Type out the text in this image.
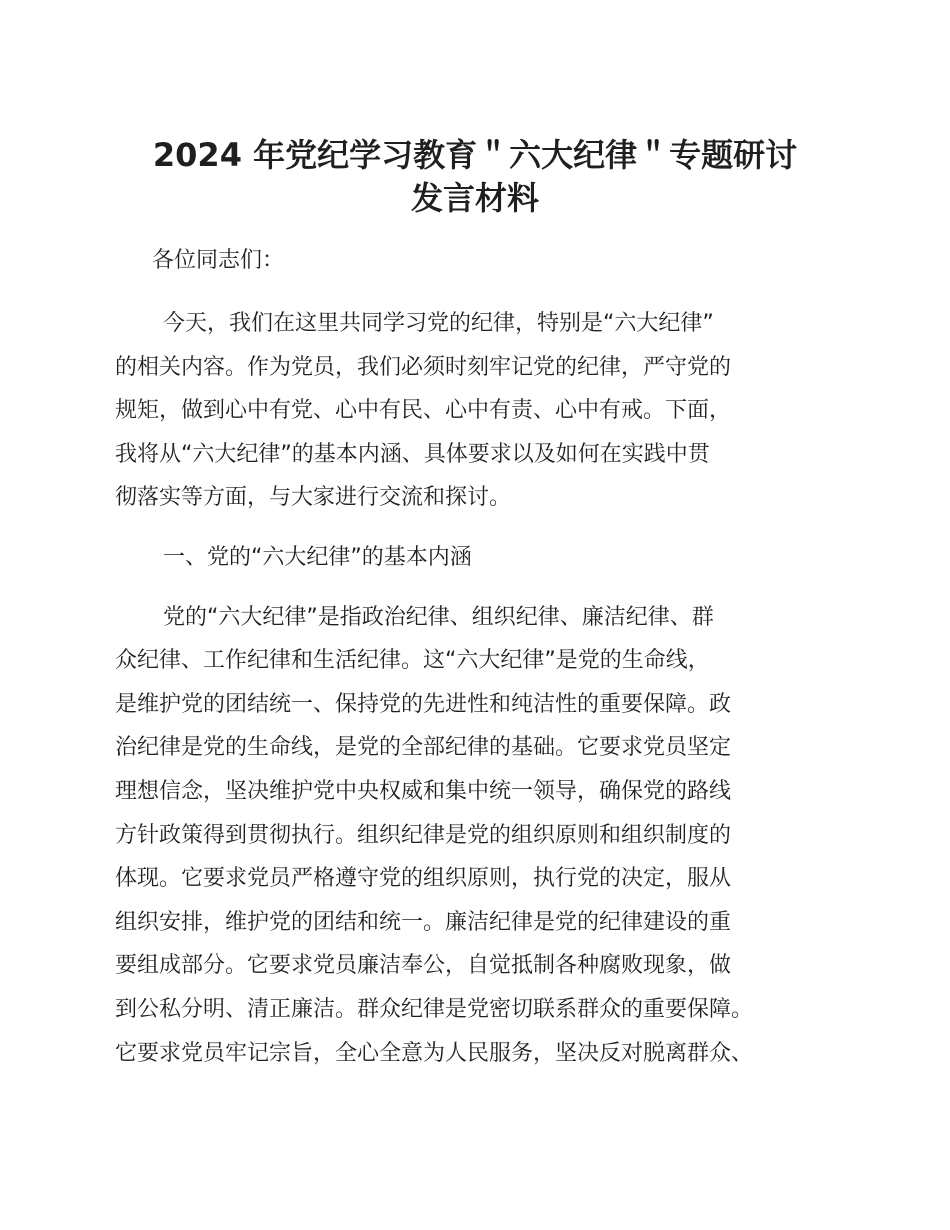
2024 年党纪学习教育＂六大纪律＂专题研讨
发言材料

各位同志们：

今天，我们在这里共同学习党的纪律，特别是“六大纪律”
的相关内容。作为党员，我们必须时刻牢记党的纪律，严守党的
规矩，做到心中有党、心中有民、心中有责、心中有戒。下面，
我将从“六大纪律”的基本内涵、具体要求以及如何在实践中贯
彻落实等方面，与大家进行交流和探讨。

一、党的“六大纪律”的基本内涵

党的“六大纪律”是指政治纪律、组织纪律、廉洁纪律、群
众纪律、工作纪律和生活纪律。这“六大纪律”是党的生命线，
是维护党的团结统一、保持党的先进性和纯洁性的重要保障。政
治纪律是党的生命线，是党的全部纪律的基础。它要求党员坚定
理想信念，坚决维护党中央权威和集中统一领导，确保党的路线
方针政策得到贯彻执行。组织纪律是党的组织原则和组织制度的
体现。它要求党员严格遵守党的组织原则，执行党的决定，服从
组织安排，维护党的团结和统一。廉洁纪律是党的纪律建设的重
要组成部分。它要求党员廉洁奉公，自觉抵制各种腐败现象，做
到公私分明、清正廉洁。群众纪律是党密切联系群众的重要保障。
它要求党员牢记宗旨，全心全意为人民服务，坚决反对脱离群众、
